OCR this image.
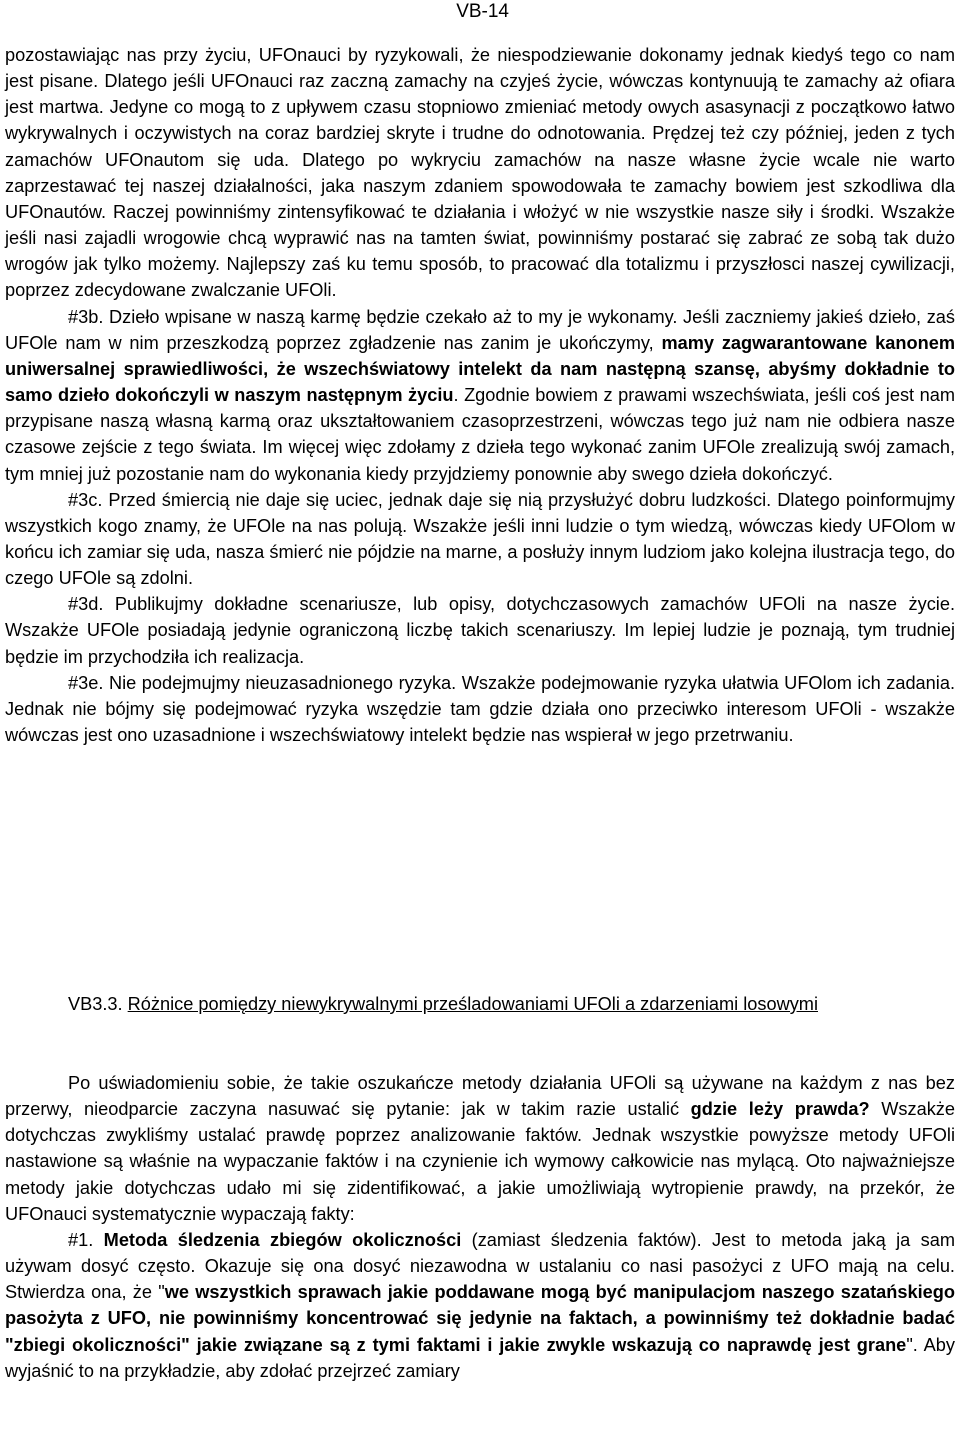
VB-14

pozostawiając nas przy życiu, UFOnauci by ryzykowali, że niespodziewanie dokonamy jednak kiedyś tego co nam jest pisane. Dlatego jeśli UFOnauci raz zaczną zamachy na czyjeś życie, wówczas kontynuują te zamachy aż ofiara jest martwa. Jedyne co mogą to z upływem czasu stopniowo zmieniać metody owych asasynacji z początkowo łatwo wykrywalnych i oczywistych na coraz bardziej skryte i trudne do odnotowania. Prędzej też czy później, jeden z tych zamachów UFOnautom się uda. Dlatego po wykryciu zamachów na nasze własne życie wcale nie warto zaprzestawać tej naszej działalności, jaka naszym zdaniem spowodowała te zamachy bowiem jest szkodliwa dla UFOnautów. Raczej powinniśmy zintensyfikować te działania i włożyć w nie wszystkie nasze siły i środki. Wszakże jeśli nasi zajadli wrogowie chcą wyprawić nas na tamten świat, powinniśmy postarać się zabrać ze sobą tak dużo wrogów jak tylko możemy. Najlepszy zaś ku temu sposób, to pracować dla totalizmu i przyszłosci naszej cywilizacji, poprzez zdecydowane zwalczanie UFOli.

#3b. Dzieło wpisane w naszą karmę będzie czekało aż to my je wykonamy. Jeśli zaczniemy jakieś dzieło, zaś UFOle nam w nim przeszkodzą poprzez zgładzenie nas zanim je ukończymy, mamy zagwarantowane kanonem uniwersalnej sprawiedliwości, że wszechświatowy intelekt da nam następną szansę, abyśmy dokładnie to samo dzieło dokończyli w naszym następnym życiu. Zgodnie bowiem z prawami wszechświata, jeśli coś jest nam przypisane naszą własną karmą oraz ukształtowaniem czasoprzestrzeni, wówczas tego już nam nie odbiera nasze czasowe zejście z tego świata. Im więcej więc zdołamy z dzieła tego wykonać zanim UFOle zrealizują swój zamach, tym mniej już pozostanie nam do wykonania kiedy przyjdziemy ponownie aby swego dzieła dokończyć.

#3c. Przed śmiercią nie daje się uciec, jednak daje się nią przysłużyć dobru ludzkości. Dlatego poinformujmy wszystkich kogo znamy, że UFOle na nas polują. Wszakże jeśli inni ludzie o tym wiedzą, wówczas kiedy UFOlom w końcu ich zamiar się uda, nasza śmierć nie pójdzie na marne, a posłuży innym ludziom jako kolejna ilustracja tego, do czego UFOle są zdolni.

#3d. Publikujmy dokładne scenariusze, lub opisy, dotychczasowych zamachów UFOli na nasze życie. Wszakże UFOle posiadają jedynie ograniczoną liczbę takich scenariuszy. Im lepiej ludzie je poznają, tym trudniej będzie im przychodziła ich realizacja.

#3e. Nie podejmujmy nieuzasadnionego ryzyka. Wszakże podejmowanie ryzyka ułatwia UFOlom ich zadania. Jednak nie bójmy się podejmować ryzyka wszędzie tam gdzie działa ono przeciwko interesom UFOli - wszakże wówczas jest ono uzasadnione i wszechświatowy intelekt będzie nas wspierał w jego przetrwaniu.

VB3.3. Różnice pomiędzy niewykrywalnymi prześladowaniami UFOli a zdarzeniami losowymi

Po uświadomieniu sobie, że takie oszukańcze metody działania UFOli są używane na każdym z nas bez przerwy, nieodparcie zaczyna nasuwać się pytanie: jak w takim razie ustalić gdzie leży prawda? Wszakże dotychczas zwykliśmy ustalać prawdę poprzez analizowanie faktów. Jednak wszystkie powyższe metody UFOli nastawione są właśnie na wypaczanie faktów i na czynienie ich wymowy całkowicie nas mylącą. Oto najważniejsze metody jakie dotychczas udało mi się zidentifikować, a jakie umożliwiają wytropienie prawdy, na przekór, że UFOnauci systematycznie wypaczają fakty:

#1. Metoda śledzenia zbiegów okoliczności (zamiast śledzenia faktów). Jest to metoda jaką ja sam używam dosyć często. Okazuje się ona dosyć niezawodna w ustalaniu co nasi pasożyci z UFO mają na celu. Stwierdza ona, że "we wszystkich sprawach jakie poddawane mogą być manipulacjom naszego szatańskiego pasożyta z UFO, nie powinniśmy koncentrować się jedynie na faktach, a powinniśmy też dokładnie badać "zbiegi okoliczności" jakie związane są z tymi faktami i jakie zwykle wskazują co naprawdę jest grane". Aby wyjaśnić to na przykładzie, aby zdołać przejrzeć zamiary
